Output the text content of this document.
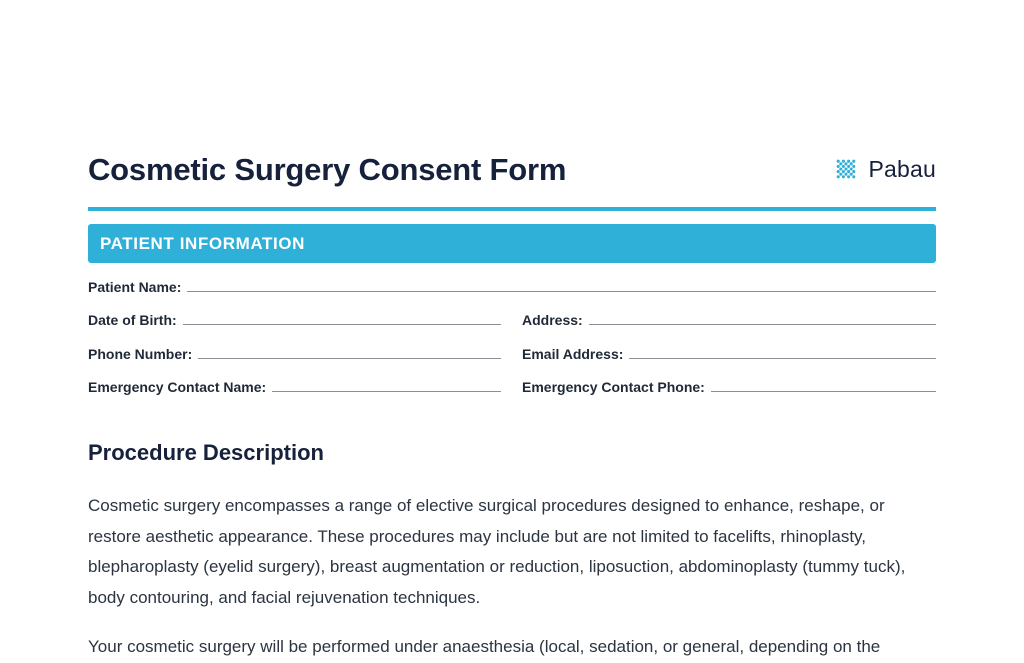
Cosmetic Surgery Consent Form	Pabau
PATIENT INFORMATION
Patient Name:
Date of Birth:	Address:
Phone Number:	Email Address:
Emergency Contact Name:	Emergency Contact Phone:
Procedure Description

Cosmetic surgery encompasses a range of elective surgical procedures designed to enhance, reshape, or restore aesthetic appearance. These procedures may include but are not limited to facelifts, rhinoplasty, blepharoplasty (eyelid surgery), breast augmentation or reduction, liposuction, abdominoplasty (tummy tuck), body contouring, and facial rejuvenation techniques.

Your cosmetic surgery will be performed under anaesthesia (local, sedation, or general, depending on the
